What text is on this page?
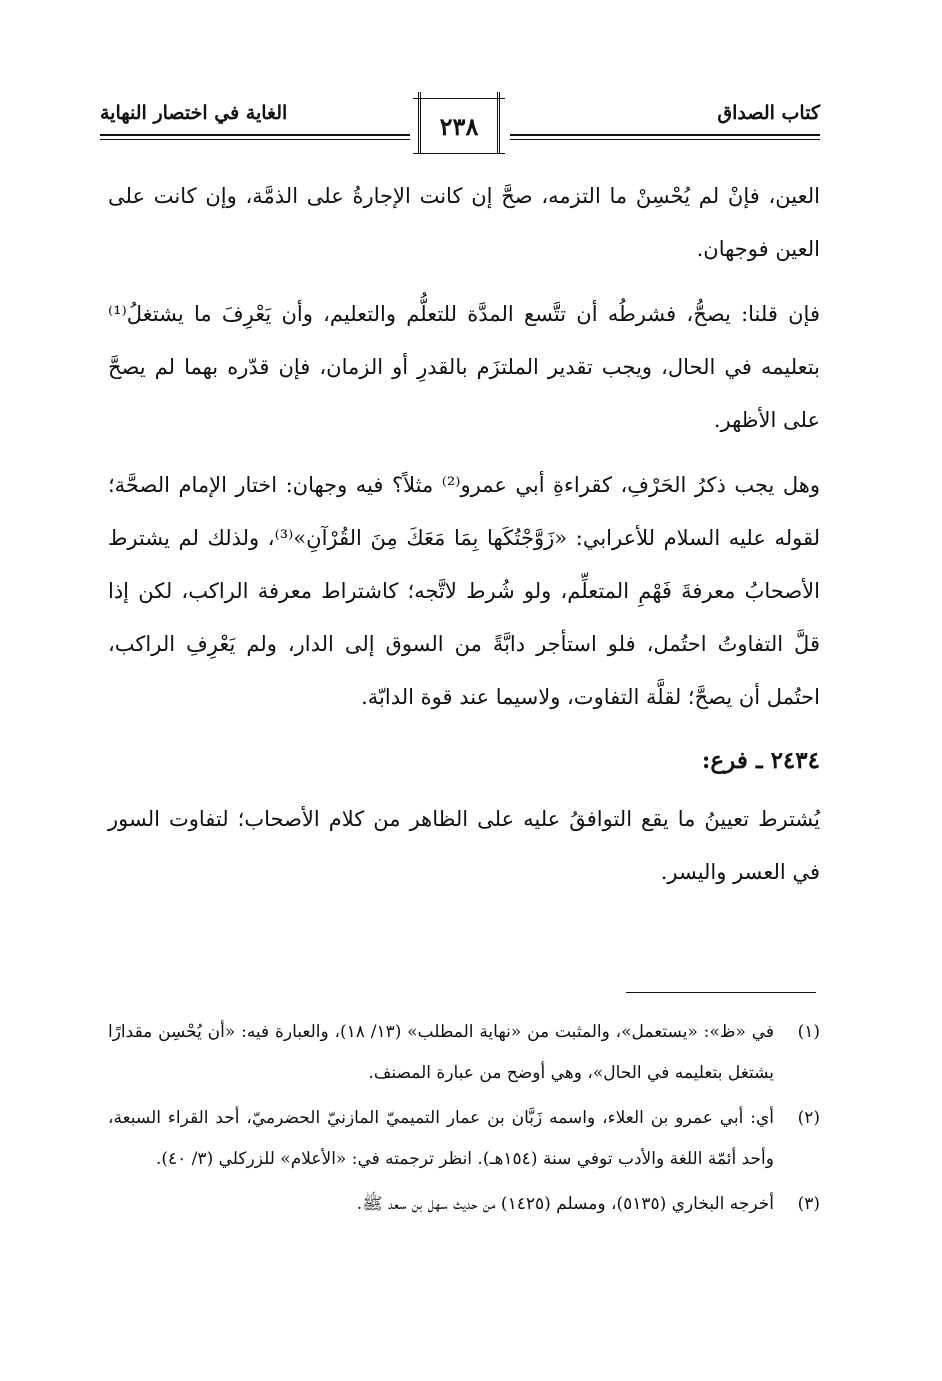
كتاب الصداق
الغاية في اختصار النهاية	٢٣٨

العين، فإنْ لم يُحْسِنْ ما التزمه، صحَّ إن كانت الإجارةُ على الذمَّة، وإن كانت على العين فوجهان.

فإن قلنا: يصحُّ، فشرطُه أن تتَّسع المدَّة للتعلُّم والتعليم، وأن يَعْرِفَ ما يشتغلُ⁽¹⁾ بتعليمه في الحال، ويجب تقدير الملتزَم بالقدرِ أو الزمان، فإن قدّره بهما لم يصحَّ على الأظهر.

وهل يجب ذكرُ الحَرْفِ، كقراءةِ أبي عمرو⁽²⁾ مثلاً؟ فيه وجهان: اختار الإمام الصحَّة؛ لقوله عليه السلام للأعرابي: «زَوَّجْتُكَها بِمَا مَعَكَ مِنَ القُرْآنِ»⁽³⁾، ولذلك لم يشترط الأصحابُ معرفةَ فَهْمِ المتعلِّم، ولو شُرط لاتَّجه؛ كاشتراط معرفة الراكب، لكن إذا قلَّ التفاوتُ احتُمل، فلو استأجر دابَّةً من السوق إلى الدار، ولم يَعْرِفِ الراكب، احتُمل أن يصحَّ؛ لقلَّة التفاوت، ولاسيما عند قوة الدابّة.

٢٤٣٤ ـ فرع:

يُشترط تعيينُ ما يقع التوافقُ عليه على الظاهر من كلام الأصحاب؛ لتفاوت السور في العسر واليسر.

(١)
في «ظ»: «يستعمل»، والمثبت من «نهاية المطلب» (١٣/ ١٨)، والعبارة فيه: «أن يُحْسِن مقدارًا يشتغل بتعليمه في الحال»، وهي أوضح من عبارة المصنف.

(٢)
أي: أبي عمرو بن العلاء، واسمه زَبَّان بن عمار التميميّ المازنيّ الحضرميّ، أحد القراء السبعة، وأحد أئمّة اللغة والأدب توفي سنة (١٥٤هـ). انظر ترجمته في: «الأعلام» للزركلي (٣/ ٤٠).

(٣)
أخرجه البخاري (٥١٣٥)، ومسلم (١٤٢٥) من حديث سهل بن سعد ﷺ.
